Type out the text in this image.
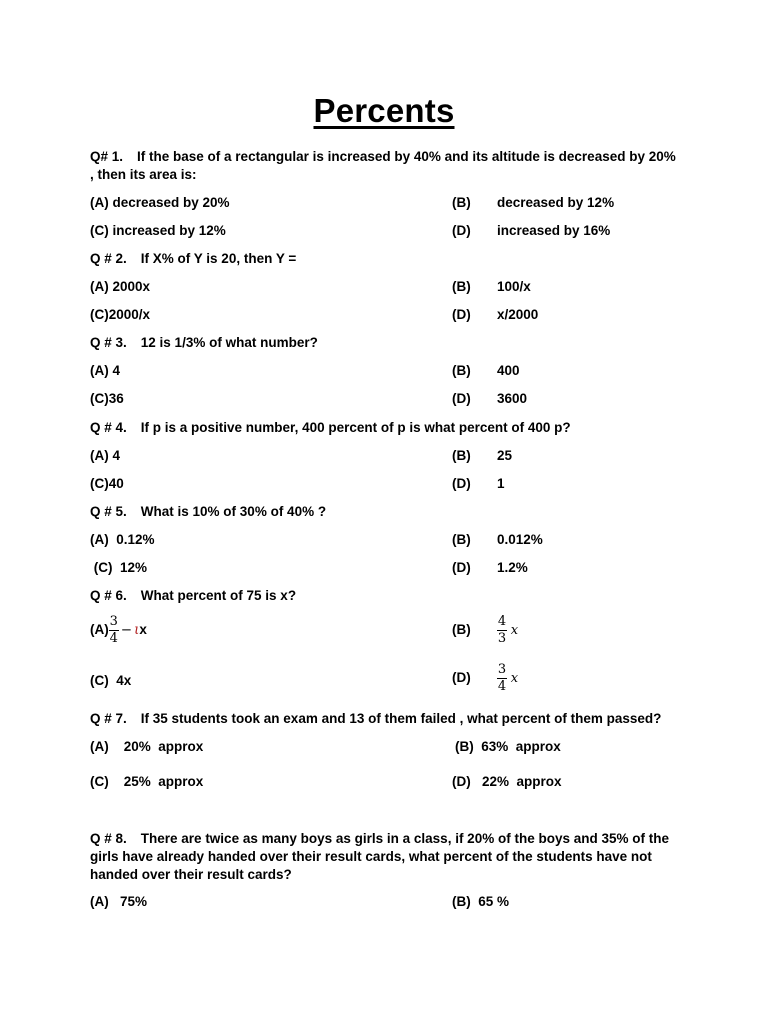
Percents
Q# 1. If the base of a rectangular is increased by 40% and its altitude is decreased by 20% , then its area is:
(A) decreased by 20%	(B) decreased by 12%
(C) increased by 12%	(D) increased by 16%
Q # 2. If X% of Y is 20, then Y =
(A) 2000x	(B) 100/x
(C)2000/x	(D) x/2000
Q # 3. 12 is 1/3% of what number?
(A) 4	(B) 400
(C)36	(D) 3600
Q # 4. If p is a positive number, 400 percent of p is what percent of 400 p?
(A) 4	(B) 25
(C)40	(D) 1
Q # 5. What is 10% of 30% of 40% ?
(A)  0.12%	(B) 0.012%
(C)  12%	(D) 1.2%
Q # 6. What percent of 75 is x?
$(A) \frac{3}{4} - \iota x$	$(B) \frac{4}{3}$ x
(C)  4x	$(D) \frac{3}{4}$ x
Q # 7. If 35 students took an exam and 13 of them failed , what percent of them passed?
(A)    20%  approx	(B)  63%  approx
(C)    25%  approx	(D)   22%  approx
Q # 8. There are twice as many boys as girls in a class, if 20% of the boys and 35% of the girls have already handed over their result cards, what percent of the students have not handed over their result cards?
(A)   75%	(B)  65 %
